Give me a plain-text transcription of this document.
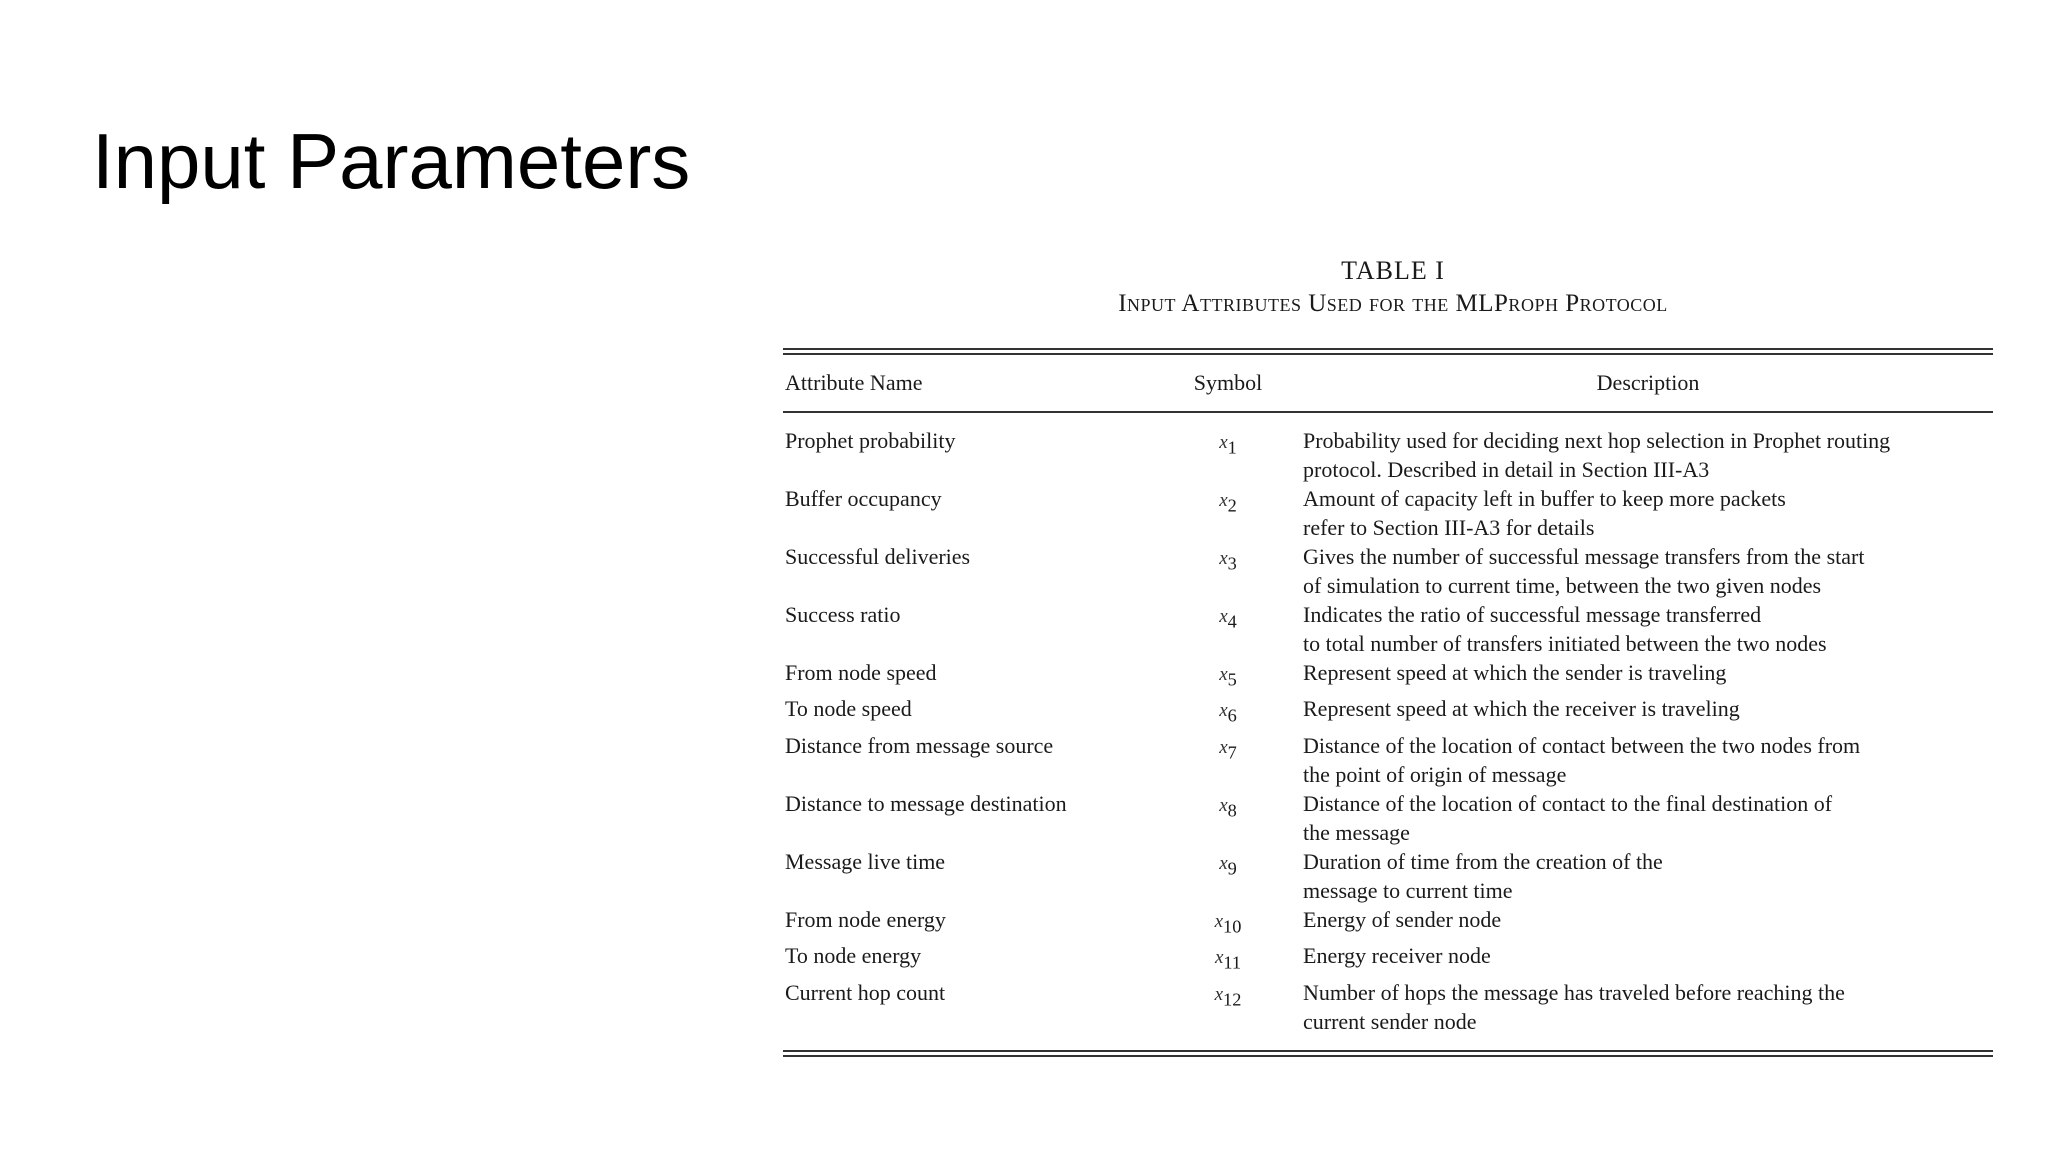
Input Parameters
TABLE I
Input Attributes Used for the MLProph Protocol
Attribute Name	Symbol	Description
Prophet probability	$x_1$	Probability used for deciding next hop selection in Prophet routing
protocol. Described in detail in Section III-A3
Buffer occupancy	$x_2$	Amount of capacity left in buffer to keep more packets
refer to Section III-A3 for details
Successful deliveries	$x_3$	Gives the number of successful message transfers from the start
of simulation to current time, between the two given nodes
Success ratio	$x_4$	Indicates the ratio of successful message transferred
to total number of transfers initiated between the two nodes
From node speed	$x_5$	Represent speed at which the sender is traveling
To node speed	$x_6$	Represent speed at which the receiver is traveling
Distance from message source	$x_7$	Distance of the location of contact between the two nodes from
the point of origin of message
Distance to message destination	$x_8$	Distance of the location of contact to the final destination of
the message
Message live time	$x_9$	Duration of time from the creation of the
message to current time
From node energy	$x_{10}$	Energy of sender node
To node energy	$x_{11}$	Energy receiver node
Current hop count	$x_{12}$	Number of hops the message has traveled before reaching the
current sender node
